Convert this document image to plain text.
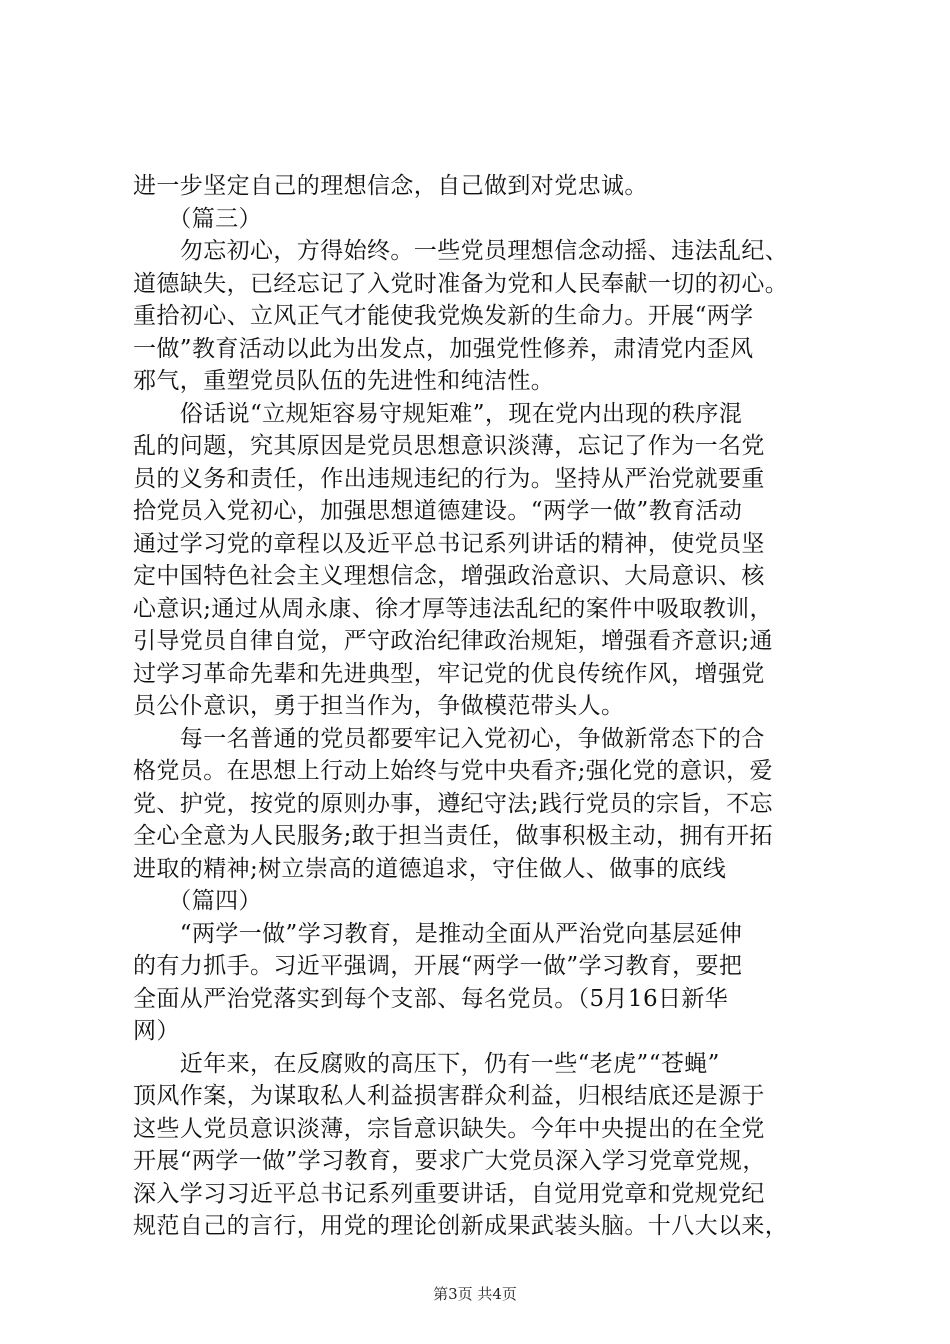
进一步坚定自己的理想信念，自己做到对党忠诚。
　　（篇三）
　　勿忘初心，方得始终。一些党员理想信念动摇、违法乱纪、
道德缺失，已经忘记了入党时准备为党和人民奉献一切的初心。
重拾初心、立风正气才能使我党焕发新的生命力。开展“两学
一做”教育活动以此为出发点，加强党性修养，肃清党内歪风
邪气，重塑党员队伍的先进性和纯洁性。
　　俗话说“立规矩容易守规矩难”，现在党内出现的秩序混
乱的问题，究其原因是党员思想意识淡薄，忘记了作为一名党
员的义务和责任，作出违规违纪的行为。坚持从严治党就要重
拾党员入党初心，加强思想道德建设。“两学一做”教育活动
通过学习党的章程以及近平总书记系列讲话的精神，使党员坚
定中国特色社会主义理想信念，增强政治意识、大局意识、核
心意识;通过从周永康、徐才厚等违法乱纪的案件中吸取教训，
引导党员自律自觉，严守政治纪律政治规矩，增强看齐意识;通
过学习革命先辈和先进典型，牢记党的优良传统作风，增强党
员公仆意识，勇于担当作为，争做模范带头人。
　　每一名普通的党员都要牢记入党初心，争做新常态下的合
格党员。在思想上行动上始终与党中央看齐;强化党的意识，爱
党、护党，按党的原则办事，遵纪守法;践行党员的宗旨，不忘
全心全意为人民服务;敢于担当责任，做事积极主动，拥有开拓
进取的精神;树立崇高的道德追求，守住做人、做事的底线
　　（篇四）
　　“两学一做”学习教育，是推动全面从严治党向基层延伸
的有力抓手。习近平强调，开展“两学一做”学习教育，要把
全面从严治党落实到每个支部、每名党员。（5月16日新华
网）
　　近年来，在反腐败的高压下，仍有一些“老虎”“苍蝇”
顶风作案，为谋取私人利益损害群众利益，归根结底还是源于
这些人党员意识淡薄，宗旨意识缺失。今年中央提出的在全党
开展“两学一做”学习教育，要求广大党员深入学习党章党规，
深入学习习近平总书记系列重要讲话，自觉用党章和党规党纪
规范自己的言行，用党的理论创新成果武装头脑。十八大以来，
第3页 共4页
